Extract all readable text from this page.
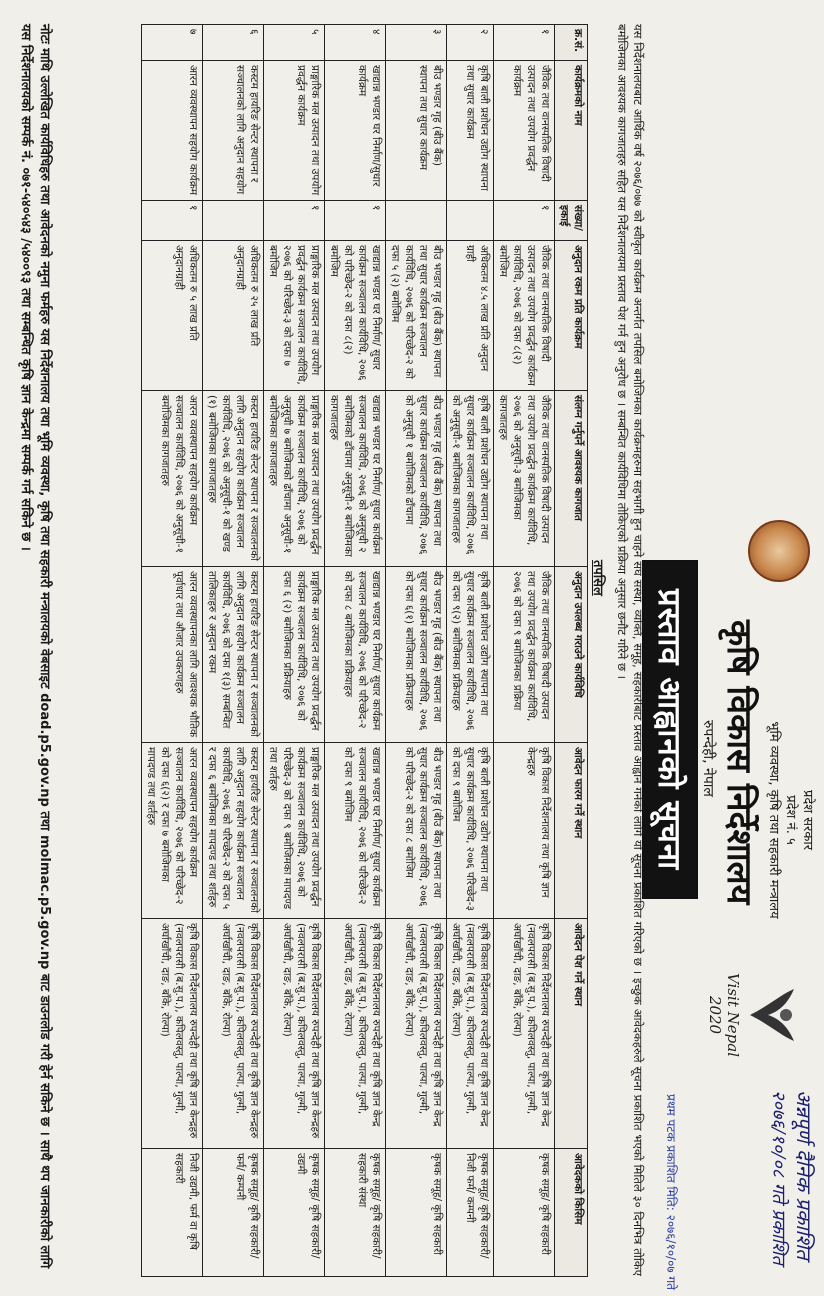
प्रदेश सरकार
प्रदेश नं. ५
भूमि व्यवस्था, कृषि तथा सहकारी मन्त्रालय
कृषि विकास निर्देशालय
रुपन्देही, नेपाल
Visit Nepal 2020
प्रस्ताव आह्वानको सूचना
अन्नपूर्ण दैनिक प्रकाशित
२०७६/१०/०८ गते प्रकाशित
प्रथम पटक प्रकाशित मिति: २०७६/१०/०७ गते
यस निर्देशनालयबाट आर्थिक वर्ष २०७६/०७७ को स्वीकृत कार्यक्रम अन्तर्गत तपसिल बमोजिमका कार्यक्रमहरुमा सहभागी हुन चाहने संघ संस्था, व्यक्ति, समूह, सहकारीबाट प्रस्ताव आह्वान गर्नको लागि यो सूचना प्रकाशित गरिएको छ । इच्छुक आवेदकहरुले सूचना प्रकाशित भएको मितिले ३० दिनभित्र तोकिए बमोजिमका आवश्यक कागजातहरु सहित यस निर्देशनालयमा प्रस्ताव पेश गर्न हुन अनुरोध छ । सम्बन्धित कार्यविधिमा तोकिएको प्रक्रिया अनुसार छनौट गरिने छ ।
तपसिल
क्र.सं.	कार्यक्रमको नाम	संख्या/ इकाई	अनुदान रकम प्रति कार्यक्रम	संलग्न गर्नुपर्ने आवश्यक कागजात	अनुदान उपलब्ध गराउने कार्यविधि	आवेदन फारम गर्ने स्थान	आवेदन पेश गर्ने स्थान	आवेदकको किसिम
१	जैविक तथा वानस्पतिक विषादी उत्पादन तथा उपयोग प्रवर्द्धन कार्यक्रम	१	जैविक तथा वानस्पतिक विषादी उत्पादन तथा उपयोग प्रवर्द्धन कार्यक्रम कार्यविधि, २०७६ को दफा ८(२) बमोजिम	जैविक तथा वानस्पतिक विषादी उत्पादन तथा उपयोग प्रवर्द्धन कार्यक्रम कार्यविधि, २०७६ को अनुसूची-३ बमोजिमका कागजातहरु	जैविक तथा वानस्पतिक विषादी उत्पादन तथा उपयोग प्रवर्द्धन कार्यक्रम कार्यविधि, २०७६ को दफा ९ बमोजिमका प्रक्रिया	कृषि विकास निर्देशनालय तथा कृषि ज्ञान केन्द्रहरु	कृषि विकास निर्देशनालय रुपन्देही तथा कृषि ज्ञान केन्द्र (नवलपरासी (ब.सु.प.), कपिलवस्तु, पाल्पा, गुल्मी, अर्घाखाँची, दाङ, बाँके, रोल्पा)	कृषक समूह/ कृषि सहकारी
२	कृषि बाली प्रशोधन उद्योग स्थापना तथा सुधार कार्यक्रम		अधिकतम ४.५ लाख प्रति अनुदान ग्राही	कृषि बाली प्रशोधन उद्योग स्थापना तथा सुधार कार्यक्रम सञ्चालन कार्यविधि, २०७६ को अनुसूची-१ बमोजिमका कागजातहरु	कृषि बाली प्रशोधन उद्योग स्थापना तथा सुधार कार्यक्रम सञ्चालन कार्यविधि, २०७६ को दफा ९(२) बमोजिमका प्रक्रियाहरु	कृषि बाली प्रशोधन उद्योग स्थापना तथा सुधार कार्यक्रम कार्यविधि, २०७६ परिच्छेद-३ को दफा ९ बमोजिम	कृषि विकास निर्देशनालय रुपन्देही तथा कृषि ज्ञान केन्द्र (नवलपरासी (ब.सु.प.), कपिलवस्तु, पाल्पा, गुल्मी, अर्घाखाँची, दाङ, बाँके, रोल्पा)	कृषक समूह/ कृषि सहकारी/ निजी फर्म/ कम्पनी
३	बीउ भण्डार गृह (बीउ बैंक) स्थापना तथा सुधार कार्यक्रम		बीउ भण्डार गृह (बीउ बैंक) स्थापना तथा सुधार कार्यक्रम सञ्चालन कार्यविधि, २०७६ को परिच्छेद-२ को दफा ५ (२) बमोजिम	बीउ भण्डार गृह (बीउ बैंक) स्थापना तथा सुधार कार्यक्रम सञ्चालन कार्यविधि, २०७६ को अनुसूची १ बमोजिमको ढाँचामा	बीउ भण्डार गृह (बीउ बैंक) स्थापना तथा सुधार कार्यक्रम सञ्चालन कार्यविधि, २०७६ को दफा ६(१) बमोजिमका प्रक्रियाहरु	बीउ भण्डार गृह (बीउ बैंक) स्थापना तथा सुधार कार्यक्रम सञ्चालन कार्यविधि, २०७६ को परिच्छेद-२ को दफा ८ बमोजिम	कृषि विकास निर्देशनालय रुपन्देही तथा कृषि ज्ञान केन्द्र (नवलपरासी (ब.सु.प.), कपिलवस्तु, पाल्पा, गुल्मी, अर्घाखाँची, दाङ, बाँके, रोल्पा)	कृषक समूह/ कृषि सहकारी
४	खाद्यान्न भण्डार घर निर्माण/सुधार कार्यक्रम	१	खाद्यान्न भण्डार घर निर्माण/ सुधार कार्यक्रम सञ्चालन कार्यविधि, २०७६ को परिच्छेद-२ को दफा ८(२) बमोजिम	खाद्यान्न भण्डार घर निर्माण/ सुधार कार्यक्रम सञ्चालन कार्यविधि, २०७६ को अनुसूची २ बमोजिमको ढाँचामा अनुसूची-१ बमोजिमका कागजातहरु	खाद्यान्न भण्डार घर निर्माण/ सुधार कार्यक्रम सञ्चालन कार्यविधि, २०७६ को परिच्छेद-२ को दफा ८ बमोजिमका प्रक्रियाहरु	खाद्यान्न भण्डार घर निर्माण/ सुधार कार्यक्रम सञ्चालन कार्यविधि, २०७६ को परिच्छेद-२ को दफा ९ बमोजिम	कृषि विकास निर्देशनालय रुपन्देही तथा कृषि ज्ञान केन्द्र (नवलपरासी (ब.सु.प.), कपिलवस्तु, पाल्पा, गुल्मी, अर्घाखाँची, दाङ, बाँके, रोल्पा)	कृषक समूह/ कृषि सहकारी/ सहकारी संस्था
५	प्राङ्गारिक मल उत्पादन तथा उपयोग प्रवर्द्धन कार्यक्रम	१	प्राङ्गारिक मल उत्पादन तथा उपयोग प्रवर्द्धन कार्यक्रम सञ्चालन कार्यविधि, २०७६ को परिच्छेद-३ को दफा ७ बमोजिम	प्राङ्गारिक मल उत्पादन तथा उपयोग प्रवर्द्धन कार्यक्रम सञ्चालन कार्यविधि, २०७६ को अनुसूची ७ बमोजिमको ढाँचामा अनुसूची-१ बमोजिमका कागजातहरु	प्राङ्गारिक मल उत्पादन तथा उपयोग प्रवर्द्धन कार्यक्रम सञ्चालन कार्यविधि, २०७६ को दफा ६ (२) बमोजिमका प्रक्रियाहरु	प्राङ्गारिक मल उत्पादन तथा उपयोग प्रवर्द्धन कार्यक्रम सञ्चालन कार्यविधि, २०७६ को परिच्छेद-३ को दफा ९ बमोजिमका मापदण्ड तथा शर्तहरु	कृषि विकास निर्देशनालय रुपन्देही तथा कृषि ज्ञान केन्द्रहरु (नवलपरासी (ब.सु.प.), कपिलवस्तु, पाल्पा, गुल्मी, अर्घाखाँची, दाङ, बाँके, रोल्पा)	कृषक समूह/ कृषि सहकारी/ उद्यमी
६	कस्टम हायरिङ सेन्टर स्थापना र सञ्चालनको लागि अनुदान सहयोग		अधिकतम रु २५ लाख प्रति अनुदानग्राही	कस्टम हायरिङ सेन्टर स्थापना र सञ्चालनको लागि अनुदान सहयोग कार्यक्रम सञ्चालन कार्यविधि, २०७६ को अनुसूची-१ को खण्ड (१) बमोजिमका कागजातहरु	कस्टम हायरिङ सेन्टर स्थापना र सञ्चालनको लागि अनुदान सहयोग कार्यक्रम सञ्चालन कार्यविधि, २०७६ को दफा १(३) सम्बन्धित तालिकाहरु र अनुदान रकम	कस्टम हायरिङ सेन्टर स्थापना र सञ्चालनको लागि अनुदान सहयोग कार्यक्रम सञ्चालन कार्यविधि, २०७६ को परिच्छेद-२ को दफा ५ र दफा ६ बमोजिमका मापदण्ड तथा शर्तहरु	कृषि विकास निर्देशनालय रुपन्देही तथा कृषि ज्ञान केन्द्रहरु (नवलपरासी (ब.सु.प.), कपिलवस्तु, पाल्पा, गुल्मी, अर्घाखाँची, दाङ, बाँके, रोल्पा)	कृषक समूह/ कृषि सहकारी/ फर्म/ कम्पनी
७	आरन व्यवस्थापन सहयोग कार्यक्रम	१	अधिकतम रु ५ लाख प्रति अनुदानग्राही	आरन व्यवस्थापन सहयोग कार्यक्रम सञ्चालन कार्यविधि, २०७६ को अनुसूची-१ बमोजिमका कागजातहरु	आरन व्यवस्थापनका लागि आवश्यक भौतिक पूर्वाधार तथा औजार उपकरणहरु	आरन व्यवस्थापन सहयोग कार्यक्रम सञ्चालन कार्यविधि, २०७६ को परिच्छेद-२ को दफा ६(२) र दफा ७ बमोजिमका मापदण्ड तथा शर्तहरु	कृषि विकास निर्देशनालय रुपन्देही तथा कृषि ज्ञान केन्द्रहरु (नवलपरासी (ब.सु.प.), कपिलवस्तु, पाल्पा, गुल्मी, अर्घाखाँची, दाङ, बाँके, रोल्पा)	निजी उद्यमी, फर्म वा कृषि सहकारी
नोटः माथि उल्लेखित कार्यविधिहरु तथा आवेदनको नमुना फर्महरु यस निर्देशनालय तथा भूमि व्यवस्था, कृषि तथा सहकारी मन्त्रालयको वेबसाइट doad.p5.gov.np तथा molmac.p5.gov.np बाट डाउनलोड गरी हेर्न सकिने छ । साथै थप जानकारीको लागि यस निर्देशनालयको सम्पर्क नं. ०७१-५४०५४३ /५४००९३ तथा सम्बन्धित कृषि ज्ञान केन्द्रमा सम्पर्क गर्न सकिने छ ।
